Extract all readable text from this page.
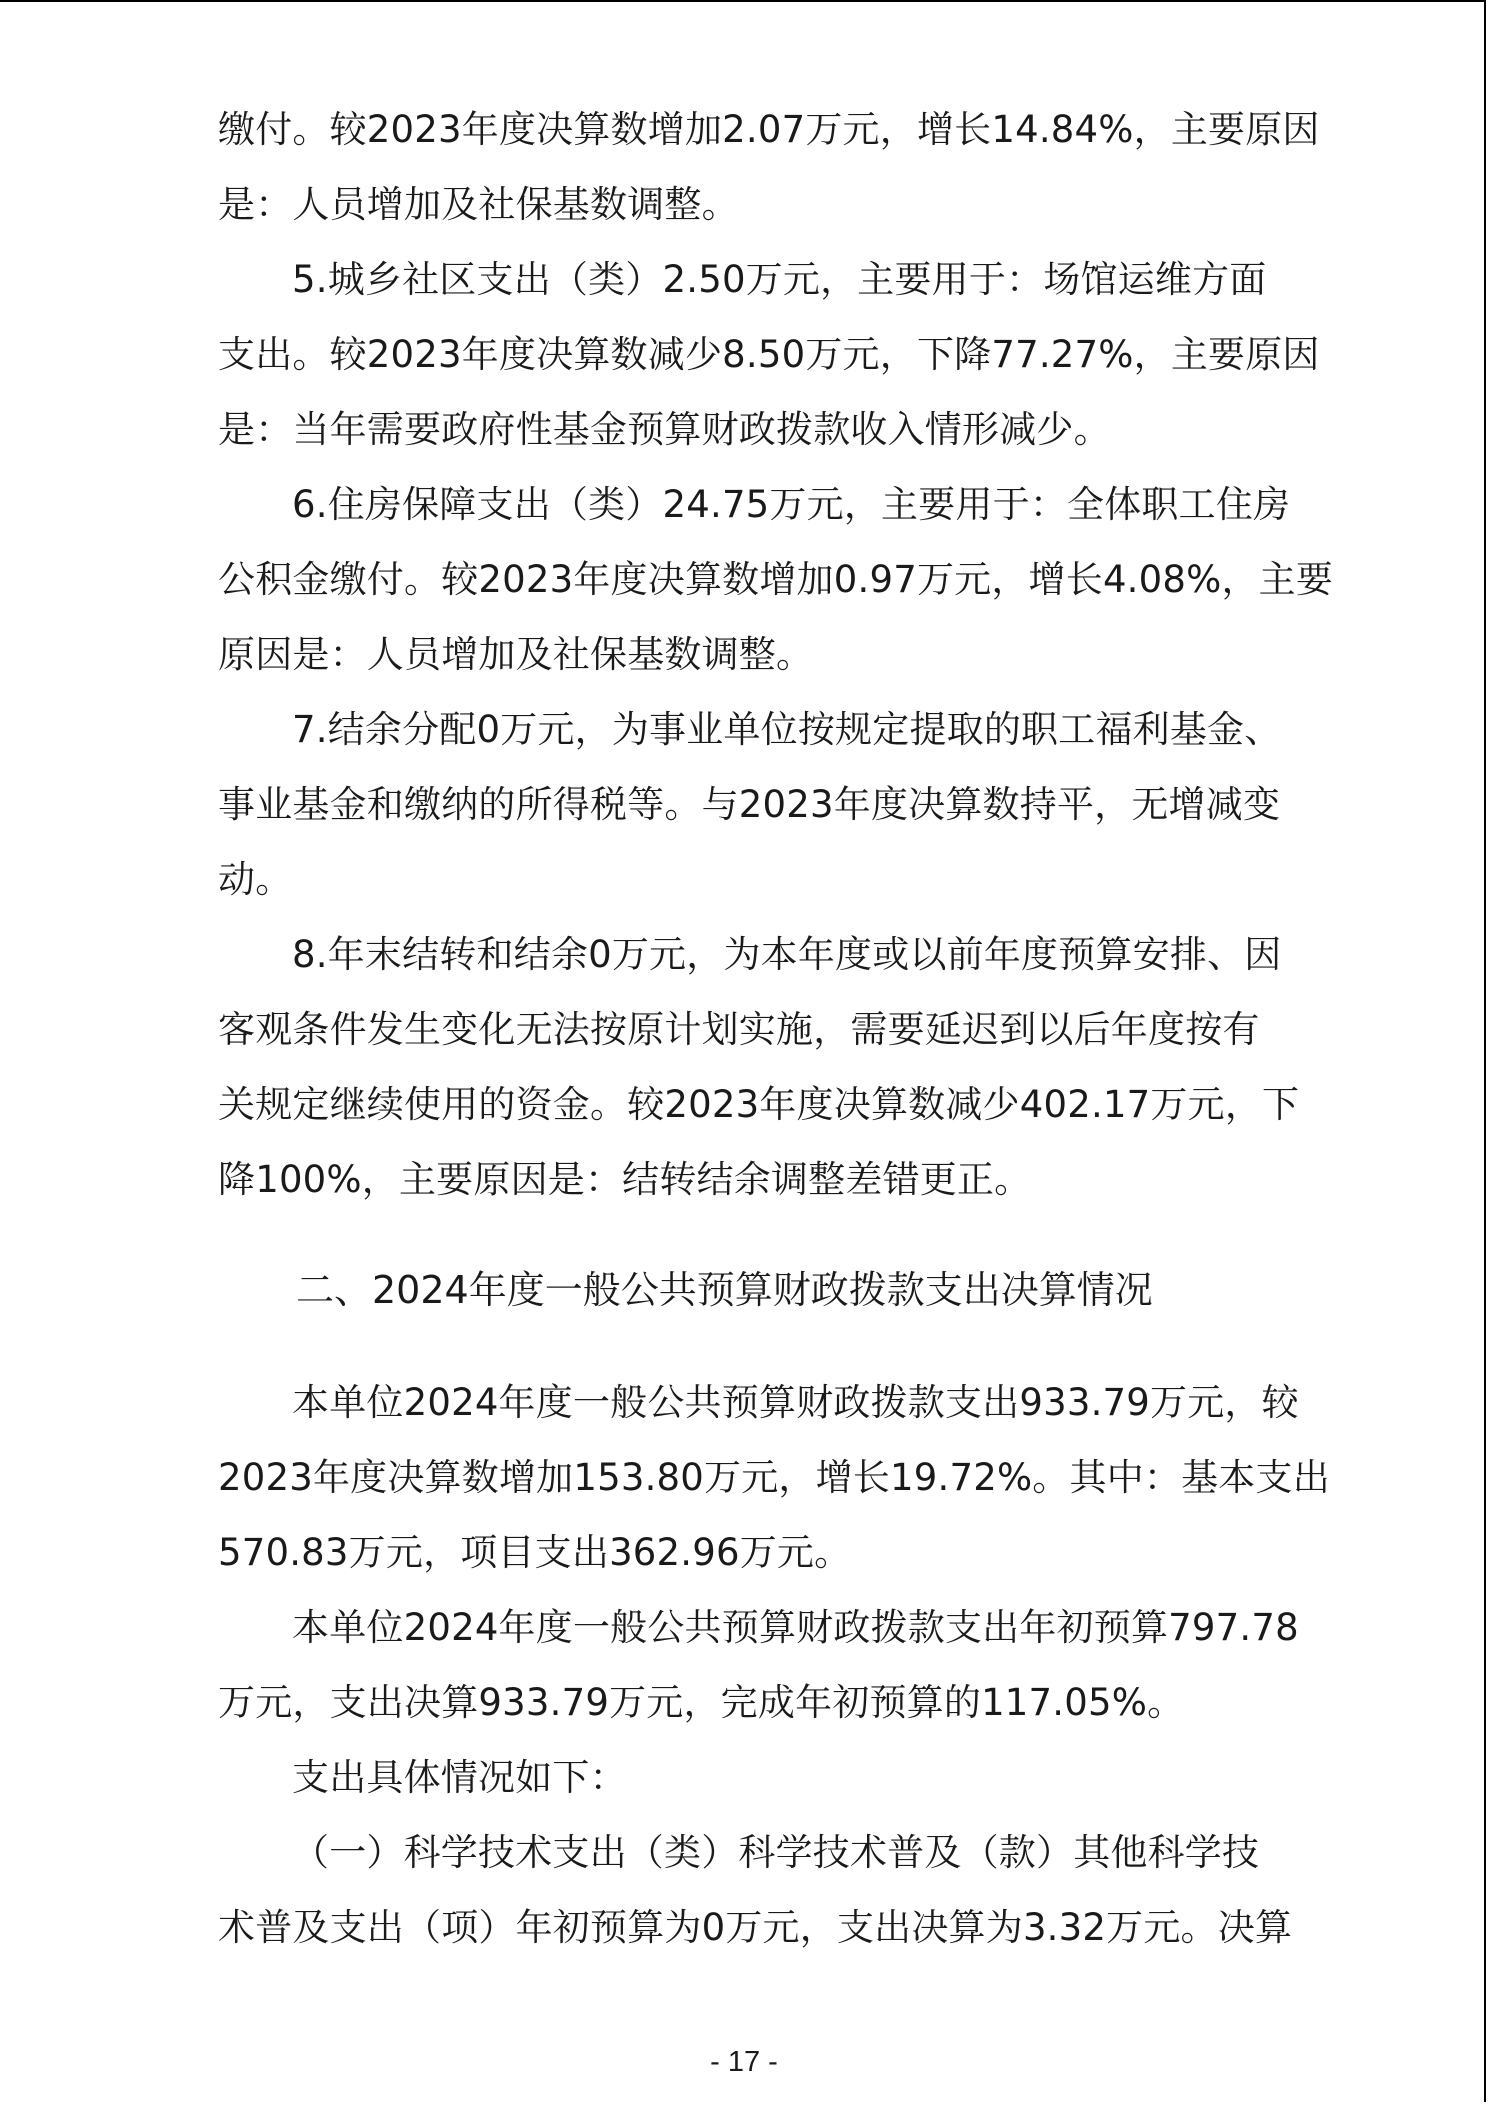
缴付。较2023年度决算数增加2.07万元，增长14.84%，主要原因
是：人员增加及社保基数调整。
5.城乡社区支出（类）2.50万元，主要用于：场馆运维方面
支出。较2023年度决算数减少8.50万元，下降77.27%，主要原因
是：当年需要政府性基金预算财政拨款收入情形减少。
6.住房保障支出（类）24.75万元，主要用于：全体职工住房
公积金缴付。较2023年度决算数增加0.97万元，增长4.08%，主要
原因是：人员增加及社保基数调整。
7.结余分配0万元，为事业单位按规定提取的职工福利基金、
事业基金和缴纳的所得税等。与2023年度决算数持平，无增减变
动。
8.年末结转和结余0万元，为本年度或以前年度预算安排、因
客观条件发生变化无法按原计划实施，需要延迟到以后年度按有
关规定继续使用的资金。较2023年度决算数减少402.17万元，下
降100%，主要原因是：结转结余调整差错更正。
二、2024年度一般公共预算财政拨款支出决算情况
本单位2024年度一般公共预算财政拨款支出933.79万元，较
2023年度决算数增加153.80万元，增长19.72%。其中：基本支出
570.83万元，项目支出362.96万元。
本单位2024年度一般公共预算财政拨款支出年初预算797.78
万元，支出决算933.79万元，完成年初预算的117.05%。
支出具体情况如下：
（一）科学技术支出（类）科学技术普及（款）其他科学技
术普及支出（项）年初预算为0万元，支出决算为3.32万元。决算
- 17 -
